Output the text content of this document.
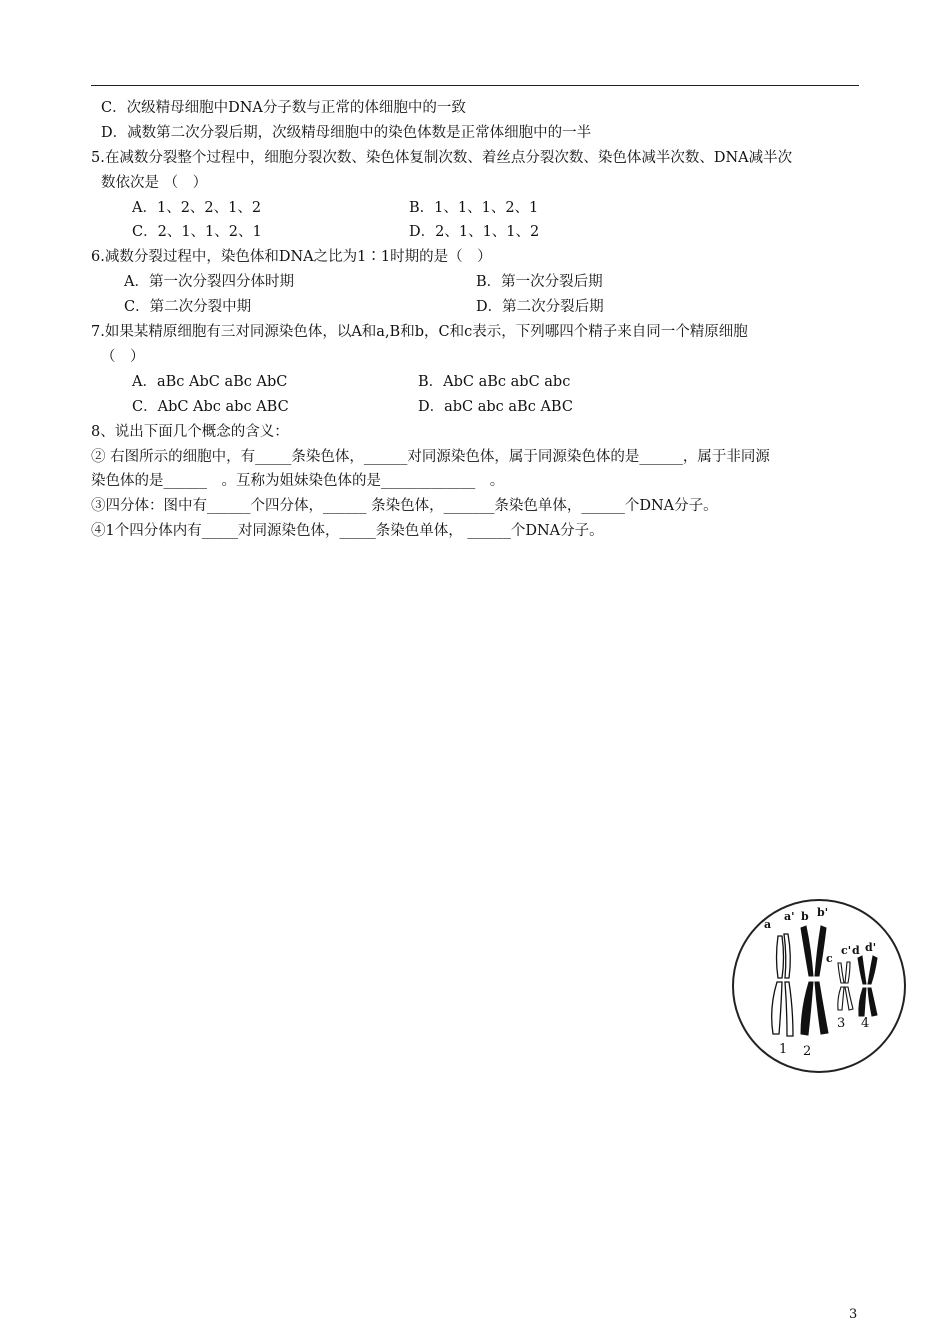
C．次级精母细胞中DNA分子数与正常的体细胞中的一致
D．减数第二次分裂后期，次级精母细胞中的染色体数是正常体细胞中的一半
5.在减数分裂整个过程中，细胞分裂次数、染色体复制次数、着丝点分裂次数、染色体减半次数、DNA减半次
数依次是 （　）
A．1、2、2、1、2	B．1、1、1、2、1
C．2、1、1、2、1	D．2、1、1、1、2
6.减数分裂过程中，染色体和DNA之比为1∶1时期的是（　）
A．第一次分裂四分体时期	B．第一次分裂后期
C．第二次分裂中期	D．第二次分裂后期
7.如果某精原细胞有三对同源染色体，以A和a,B和b，C和c表示，下列哪四个精子来自同一个精原细胞
（　）
A．aBc AbC aBc AbC	B．AbC aBc abC abc
C．AbC Abc abc ABC	D．abC abc aBc ABC
8、说出下面几个概念的含义：
② 右图所示的细胞中，有_____条染色体，______对同源染色体，属于同源染色体的是______，属于非同源
染色体的是______　。互称为姐妹染色体的是_____________　。
③四分体：图中有______个四分体，______ 条染色体，_______条染色单体，______个DNA分子。
④1个四分体内有_____对同源染色体，_____条染色单体， ______个DNA分子。
a
a' b b'
c
c' d d'
1 2
3 4
3
